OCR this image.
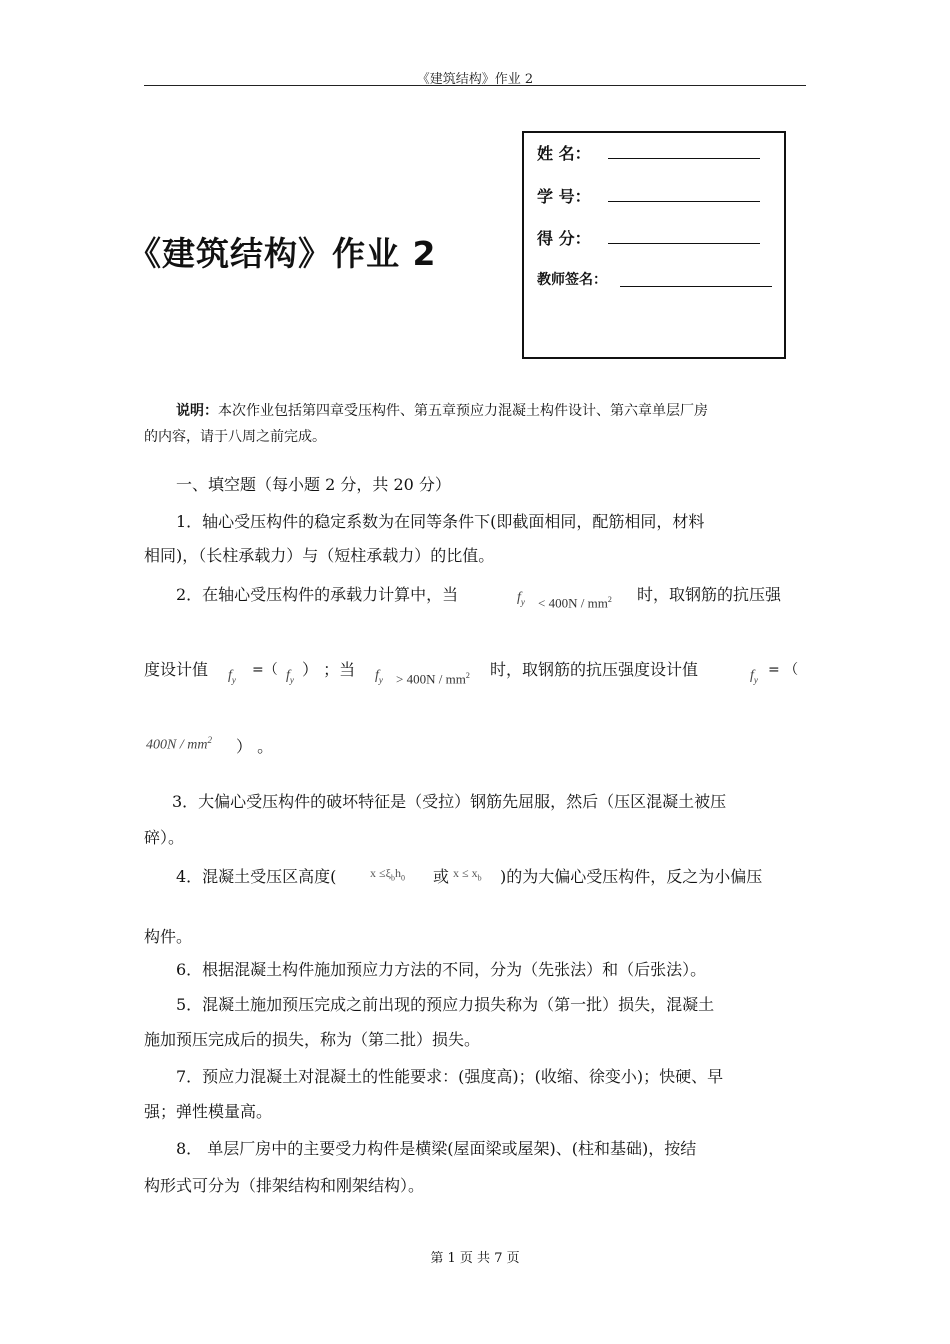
《建筑结构》作业 2
《建筑结构》作业 2
姓 名：
学 号：
得 分：
教师签名：
说明：本次作业包括第四章受压构件、第五章预应力混凝土构件设计、第六章单层厂房
的内容，请于八周之前完成。
一、填空题（每小题 2 分，共 20 分）
1．轴心受压构件的稳定系数为在同等条件下(即截面相同，配筋相同，材料
相同)，（长柱承载力）与（短柱承载力）的比值。
2．在轴心受压构件的承载力计算中，当	$f_y < 400N / mm^2$ 时，取钢筋的抗压强
度设计值 $f_y$
=（ $f_y$
） ；当 $f_y > 400N / mm^2$ 时，取钢筋的抗压强度设计值	$f_y$
= （
$400N / mm^2$ ） 。
3．大偏心受压构件的破坏特征是（受拉）钢筋先屈服，然后（压区混凝土被压
碎）。
4．混凝土受压区高度(	$x \le\xi_bh_0$ 或 $x \le x_b$ )的为大偏心受压构件，反之为小偏压
构件。
6．根据混凝土构件施加预应力方法的不同，分为（先张法）和（后张法）。
5．混凝土施加预压完成之前出现的预应力损失称为（第一批）损失，混凝土
施加预压完成后的损失，称为（第二批）损失。
7．预应力混凝土对混凝土的性能要求：(强度高)；(收缩、徐变小)；快硬、早
强；弹性模量高。
8． 单层厂房中的主要受力构件是横梁(屋面梁或屋架)、(柱和基础)，按结
构形式可分为（排架结构和刚架结构）。
第 1 页 共 7 页
